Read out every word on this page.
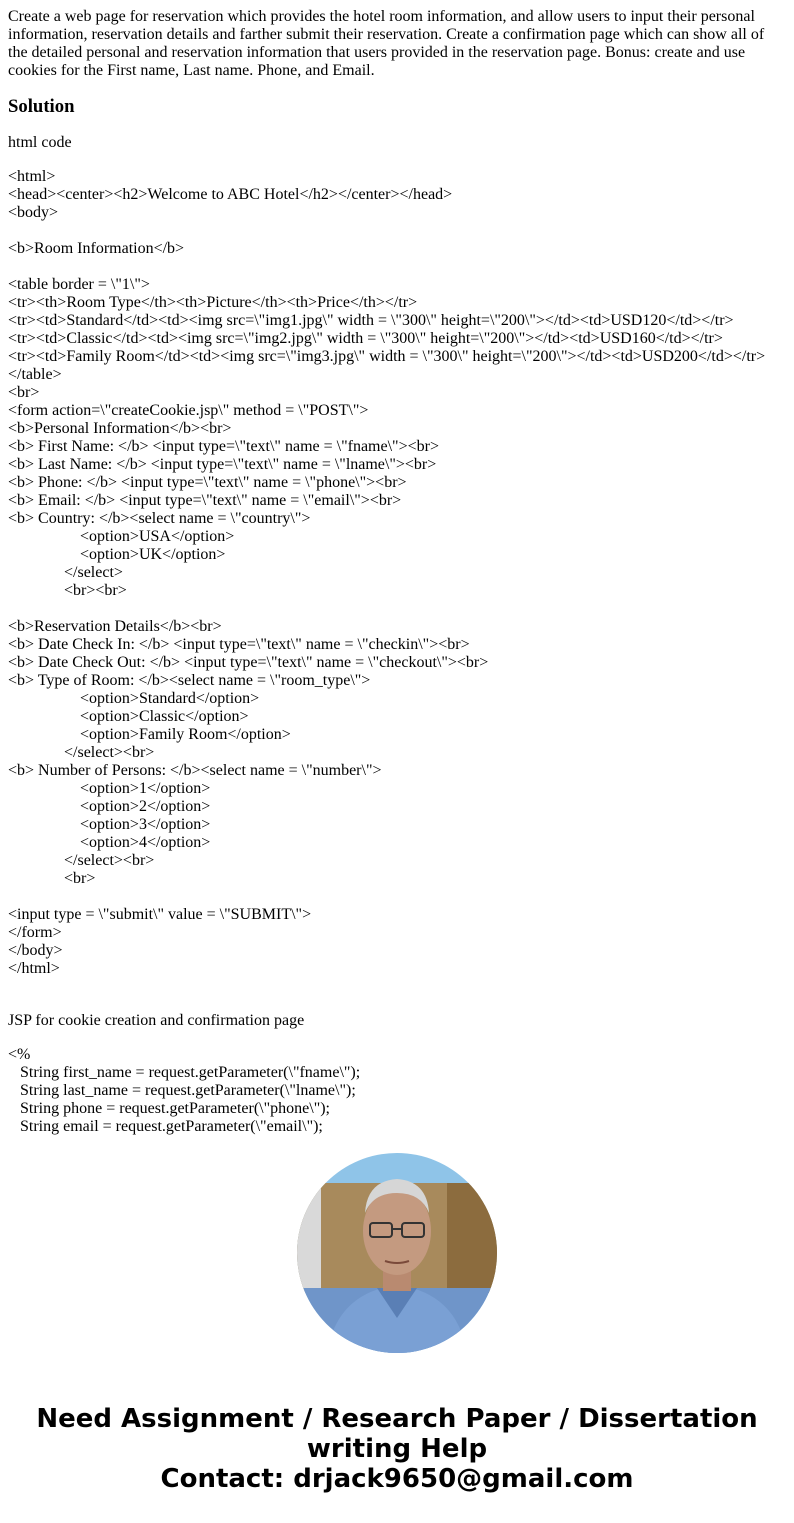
Create a web page for reservation which provides the hotel room information, and allow users to input their personal information, reservation details and farther submit their reservation. Create a confirmation page which can show all of the detailed personal and reservation information that users provided in the reservation page. Bonus: create and use cookies for the First name, Last name. Phone, and Email.
Solution
html code
<html>
<head><center><h2>Welcome to ABC Hotel</h2></center></head>
<body>
<b>Room Information</b>
<table border = \"1\">
<tr><th>Room Type</th><th>Picture</th><th>Price</th></tr>
<tr><td>Standard</td><td><img src=\"img1.jpg\" width = \"300\" height=\"200\"></td><td>USD120</td></tr>
<tr><td>Classic</td><td><img src=\"img2.jpg\" width = \"300\" height=\"200\"></td><td>USD160</td></tr>
<tr><td>Family Room</td><td><img src=\"img3.jpg\" width = \"300\" height=\"200\"></td><td>USD200</td></tr>
</table>
<br>
<form action=\"createCookie.jsp\" method = \"POST\">
<b>Personal Information</b><br>
<b> First Name: </b> <input type=\"text\" name = \"fname\"><br>
<b> Last Name: </b> <input type=\"text\" name = \"lname\"><br>
<b> Phone: </b> <input type=\"text\" name = \"phone\"><br>
<b> Email: </b> <input type=\"text\" name = \"email\"><br>
<b> Country: </b><select name = \"country\">
<option>USA</option>
<option>UK</option>
</select>
<br><br>
<b>Reservation Details</b><br>
<b> Date Check In: </b> <input type=\"text\" name = \"checkin\"><br>
<b> Date Check Out: </b> <input type=\"text\" name = \"checkout\"><br>
<b> Type of Room: </b><select name = \"room_type\">
<option>Standard</option>
<option>Classic</option>
<option>Family Room</option>
</select><br>
<b> Number of Persons: </b><select name = \"number\">
<option>1</option>
<option>2</option>
<option>3</option>
<option>4</option>
</select><br>
<br>
<input type = \"submit\" value = \"SUBMIT\">
</form>
</body>
</html>
JSP for cookie creation and confirmation page
<%
String first_name = request.getParameter(\"fname\");
String last_name = request.getParameter(\"lname\");
String phone = request.getParameter(\"phone\");
String email = request.getParameter(\"email\");
Need Assignment / Research Paper / Dissertation
writing Help
Contact: drjack9650@gmail.com
